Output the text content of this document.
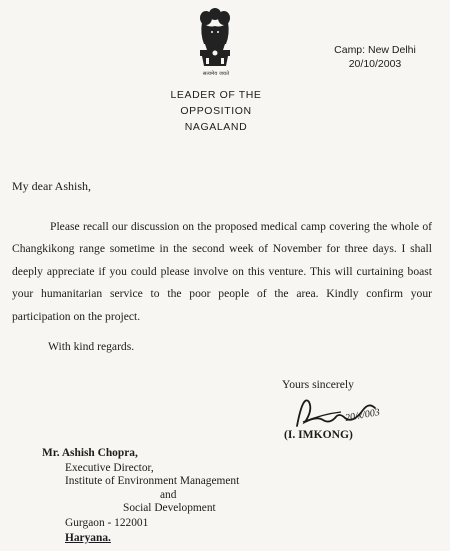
सत्यमेव जयते
Camp: New Delhi
20/10/2003
LEADER OF THE OPPOSITION
NAGALAND
My dear Ashish,

Please recall our discussion on the proposed medical camp covering the whole of Changkikong range sometime in the second week of November for three days. I shall deeply appreciate if you could please involve on this venture. This will curtaining boast your humanitarian service to the poor people of the area. Kindly confirm your participation on the project.

With kind regards.
Yours sincerely
(I. IMKONG)
20/x/003
Mr. Ashish Chopra,
Executive Director,
Institute of Environment Management
and
Social Development
Gurgaon - 122001
Haryana.
